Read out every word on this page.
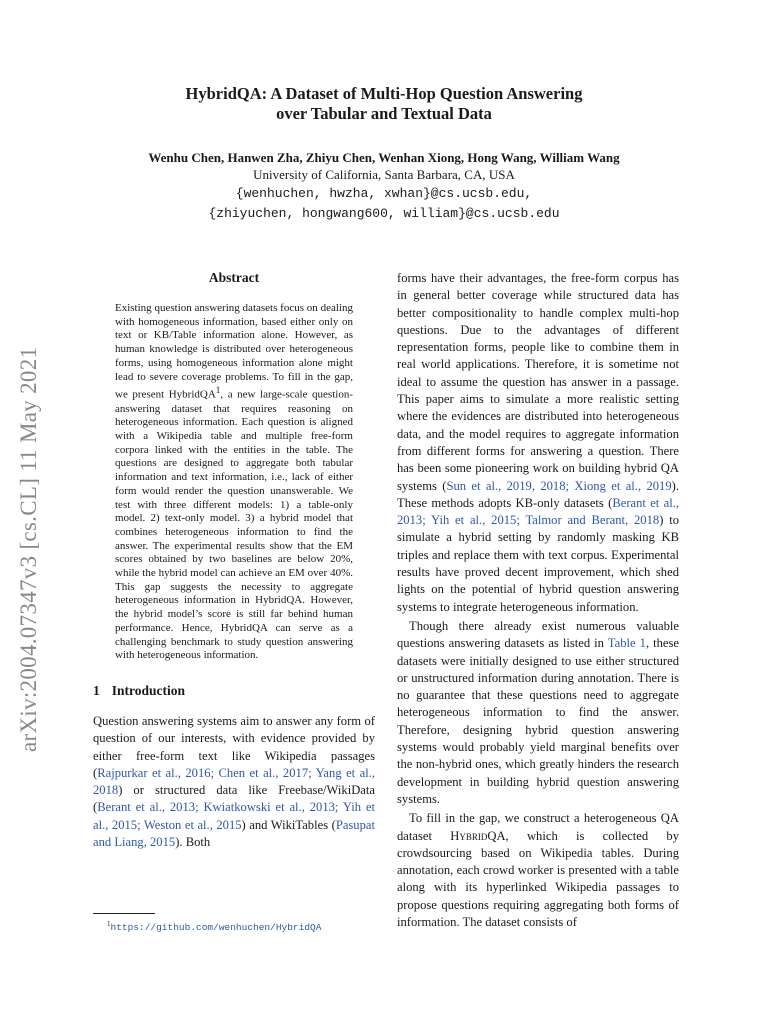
arXiv:2004.07347v3 [cs.CL] 11 May 2021
HybridQA: A Dataset of Multi-Hop Question Answering
over Tabular and Textual Data
Wenhu Chen, Hanwen Zha, Zhiyu Chen, Wenhan Xiong, Hong Wang, William Wang
University of California, Santa Barbara, CA, USA
{wenhuchen, hwzha, xwhan}@cs.ucsb.edu,
{zhiyuchen, hongwang600, william}@cs.ucsb.edu
Abstract
Existing question answering datasets focus on dealing with homogeneous information, based either only on text or KB/Table information alone. However, as human knowledge is distributed over heterogeneous forms, using homogeneous information alone might lead to severe coverage problems. To fill in the gap, we present HybridQA$^1$, a new large-scale question-answering dataset that requires reasoning on heterogeneous information. Each question is aligned with a Wikipedia table and multiple free-form corpora linked with the entities in the table. The questions are designed to aggregate both tabular information and text information, i.e., lack of either form would render the question unanswerable. We test with three different models: 1) a table-only model. 2) text-only model. 3) a hybrid model that combines heterogeneous information to find the answer. The experimental results show that the EM scores obtained by two baselines are below 20%, while the hybrid model can achieve an EM over 40%. This gap suggests the necessity to aggregate heterogeneous information in HybridQA. However, the hybrid model’s score is still far behind human performance. Hence, HybridQA can serve as a challenging benchmark to study question answering with heterogeneous information.
1 Introduction
Question answering systems aim to answer any form of question of our interests, with evidence provided by either free-form text like Wikipedia passages (Rajpurkar et al., 2016; Chen et al., 2017; Yang et al., 2018) or structured data like Freebase/WikiData (Berant et al., 2013; Kwiatkowski et al., 2013; Yih et al., 2015; Weston et al., 2015) and WikiTables (Pasupat and Liang, 2015). Both

forms have their advantages, the free-form corpus has in general better coverage while structured data has better compositionality to handle complex multi-hop questions. Due to the advantages of different representation forms, people like to combine them in real world applications. Therefore, it is sometime not ideal to assume the question has answer in a passage. This paper aims to simulate a more realistic setting where the evidences are distributed into heterogeneous data, and the model requires to aggregate information from different forms for answering a question. There has been some pioneering work on building hybrid QA systems (Sun et al., 2019, 2018; Xiong et al., 2019). These methods adopts KB-only datasets (Berant et al., 2013; Yih et al., 2015; Talmor and Berant, 2018) to simulate a hybrid setting by randomly masking KB triples and replace them with text corpus. Experimental results have proved decent improvement, which shed lights on the potential of hybrid question answering systems to integrate heterogeneous information.

Though there already exist numerous valuable questions answering datasets as listed in Table 1, these datasets were initially designed to use either structured or unstructured information during annotation. There is no guarantee that these questions need to aggregate heterogeneous information to find the answer. Therefore, designing hybrid question answering systems would probably yield marginal benefits over the non-hybrid ones, which greatly hinders the research development in building hybrid question answering systems.

To fill in the gap, we construct a heterogeneous QA dataset HybridQA, which is collected by crowdsourcing based on Wikipedia tables. During annotation, each crowd worker is presented with a table along with its hyperlinked Wikipedia passages to propose questions requiring aggregating both forms of information. The dataset consists of

$^1$https://github.com/wenhuchen/HybridQA
